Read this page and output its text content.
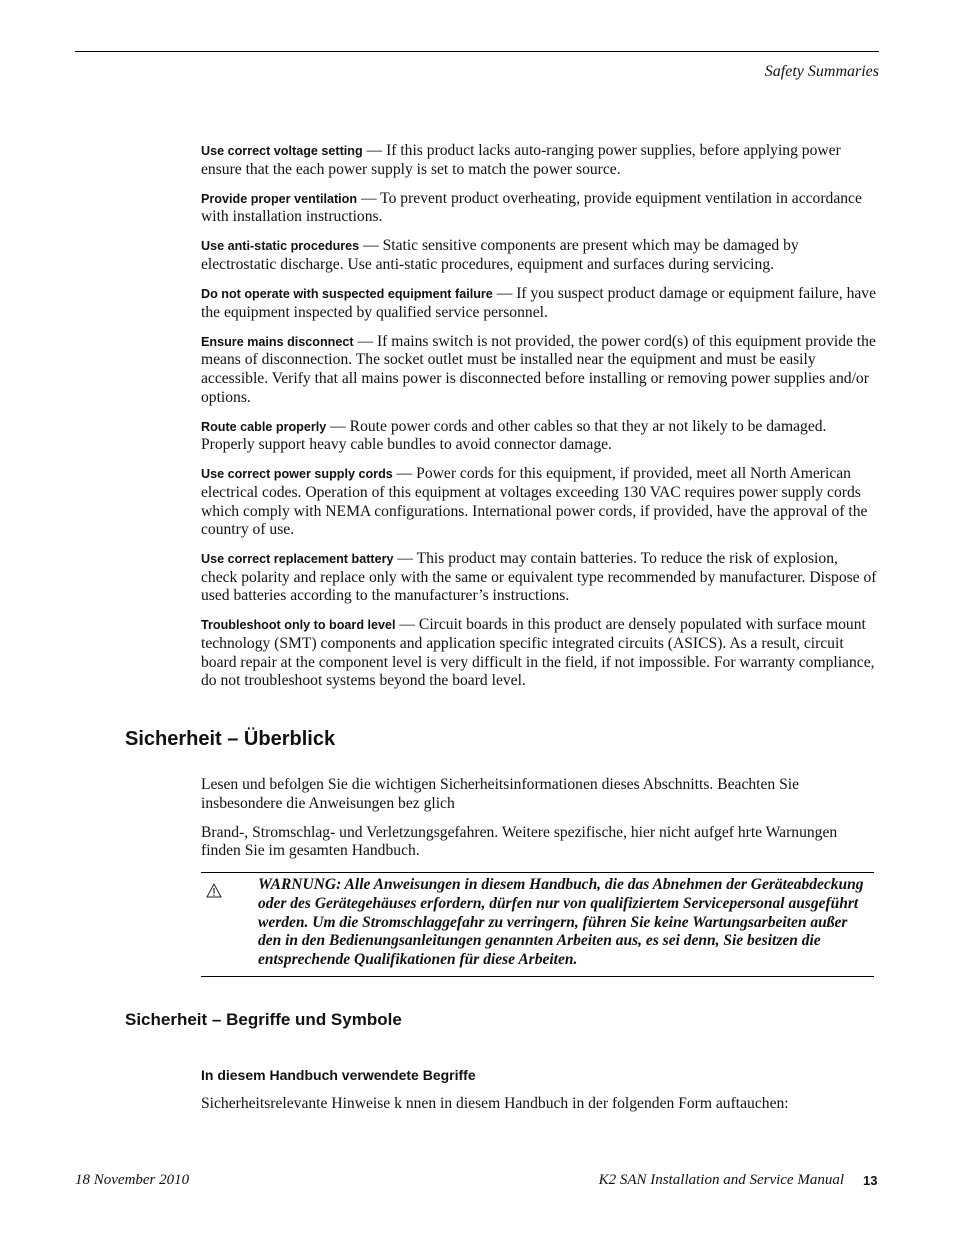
Safety Summaries

Use correct voltage setting — If this product lacks auto-ranging power supplies, before applying power ensure that the each power supply is set to match the power source.

Provide proper ventilation — To prevent product overheating, provide equipment ventilation in accordance with installation instructions.

Use anti-static procedures — Static sensitive components are present which may be damaged by electrostatic discharge. Use anti-static procedures, equipment and surfaces during servicing.

Do not operate with suspected equipment failure — If you suspect product damage or equipment failure, have the equipment inspected by qualified service personnel.

Ensure mains disconnect — If mains switch is not provided, the power cord(s) of this equipment provide the means of disconnection. The socket outlet must be installed near the equipment and must be easily accessible. Verify that all mains power is disconnected before installing or removing power supplies and/or options.

Route cable properly — Route power cords and other cables so that they ar not likely to be damaged. Properly support heavy cable bundles to avoid connector damage.

Use correct power supply cords — Power cords for this equipment, if provided, meet all North American electrical codes. Operation of this equipment at voltages exceeding 130 VAC requires power supply cords which comply with NEMA configurations. International power cords, if provided, have the approval of the country of use.

Use correct replacement battery — This product may contain batteries. To reduce the risk of explosion, check polarity and replace only with the same or equivalent type recommended by manufacturer. Dispose of used batteries according to the manufacturer’s instructions.

Troubleshoot only to board level — Circuit boards in this product are densely populated with surface mount technology (SMT) components and application specific integrated circuits (ASICS). As a result, circuit board repair at the component level is very difficult in the field, if not impossible. For warranty compliance, do not troubleshoot systems beyond the board level.

Sicherheit – Überblick

Lesen und befolgen Sie die wichtigen Sicherheitsinformationen dieses Abschnitts. Beachten Sie insbesondere die Anweisungen bez glich

Brand-, Stromschlag- und Verletzungsgefahren. Weitere spezifische, hier nicht aufgef hrte Warnungen finden Sie im gesamten Handbuch.

WARNUNG: Alle Anweisungen in diesem Handbuch, die das Abnehmen der Geräteabdeckung oder des Gerätegehäuses erfordern, dürfen nur von qualifiziertem Servicepersonal ausgeführt werden. Um die Stromschlaggefahr zu verringern, führen Sie keine Wartungsarbeiten außer den in den Bedienungsanleitungen genannten Arbeiten aus, es sei denn, Sie besitzen die entsprechende Qualifikationen für diese Arbeiten.

Sicherheit – Begriffe und Symbole
In diesem Handbuch verwendete Begriffe

Sicherheitsrelevante Hinweise k nnen in diesem Handbuch in der folgenden Form auftauchen:

18 November 2010	K2 SAN Installation and Service Manual 13
